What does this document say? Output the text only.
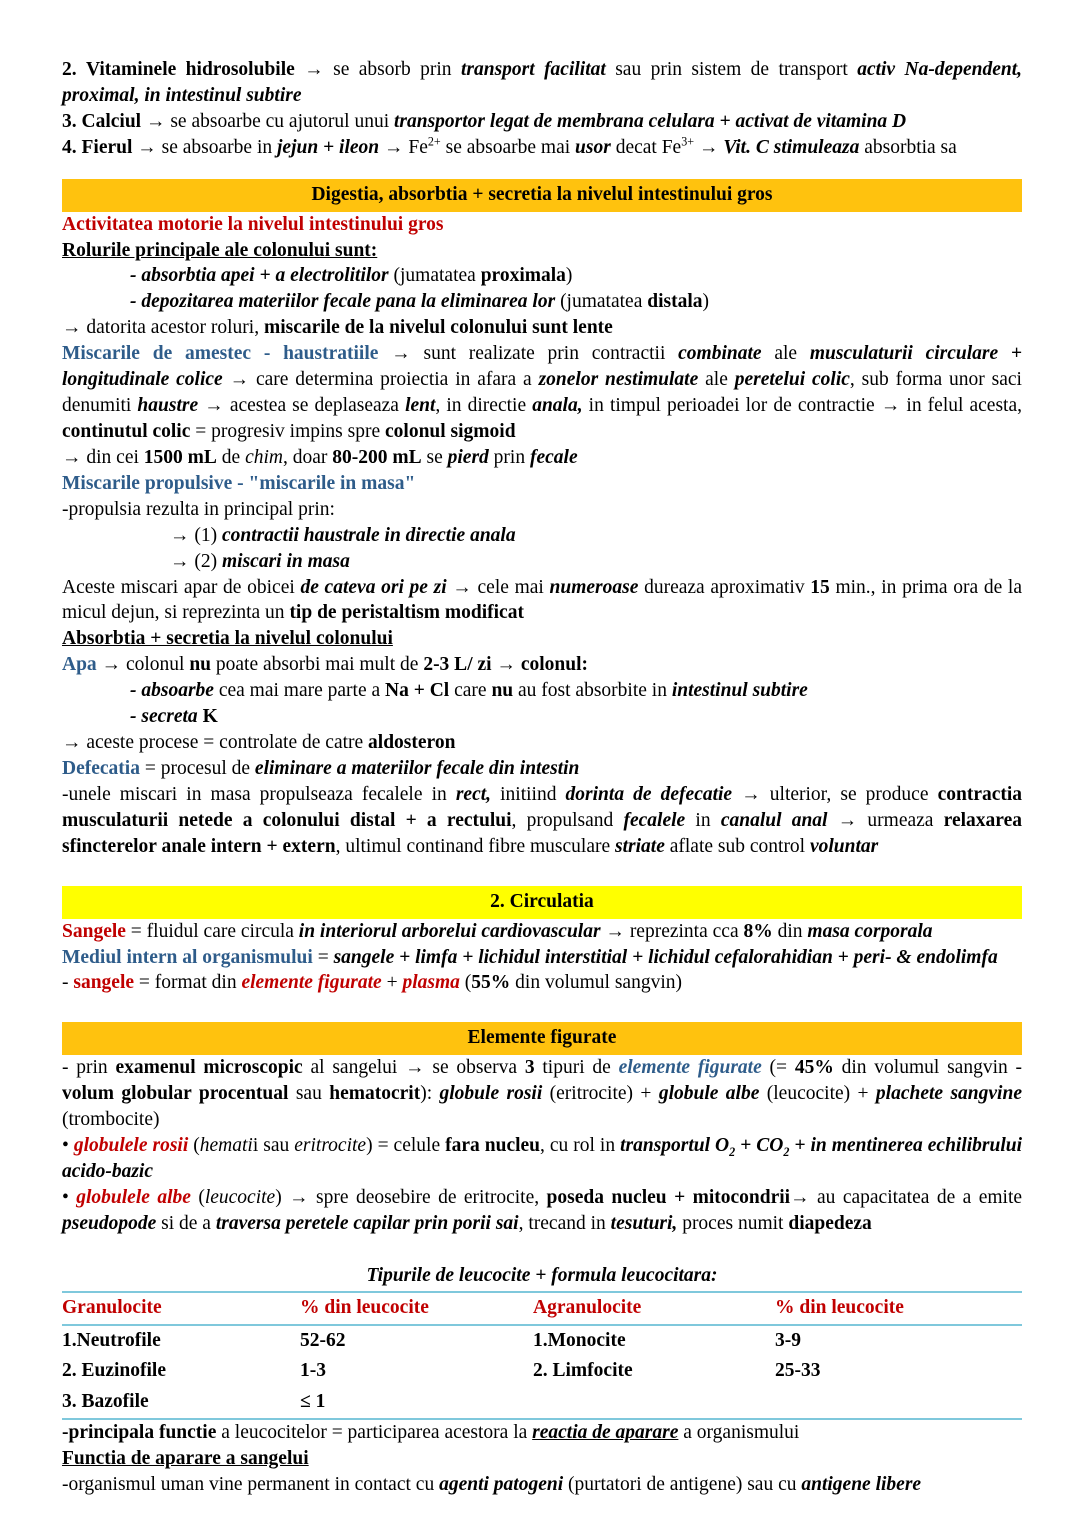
2. Vitaminele hidrosolubile → se absorb prin transport facilitat sau prin sistem de transport activ Na-dependent, proximal, in intestinul subtire

3. Calciul → se absoarbe cu ajutorul unui transportor legat de membrana celulara + activat de vitamina D

4. Fierul → se absoarbe in jejun + ileon → $Fe^{2+}$ se absoarbe mai usor decat $Fe^{3+}$ → Vit. C stimuleaza absorbtia sa

Digestia, absorbtia + secretia la nivelul intestinului gros

Activitatea motorie la nivelul intestinului gros

Rolurile principale ale colonului sunt:

- absorbtia apei + a electrolitilor (jumatatea proximala)

- depozitarea materiilor fecale pana la eliminarea lor (jumatatea distala)

→ datorita acestor roluri, miscarile de la nivelul colonului sunt lente

Miscarile de amestec - haustratiile → sunt realizate prin contractii combinate ale musculaturii circulare + longitudinale colice → care determina proiectia in afara a zonelor nestimulate ale peretelui colic, sub forma unor saci denumiti haustre → acestea se deplaseaza lent, in directie anala, in timpul perioadei lor de contractie → in felul acesta, continutul colic = progresiv impins spre colonul sigmoid

→ din cei 1500 mL de chim, doar 80-200 mL se pierd prin fecale

Miscarile propulsive - "miscarile in masa"

-propulsia rezulta in principal prin:

→ (1) contractii haustrale in directie anala

→ (2) miscari in masa

Aceste miscari apar de obicei de cateva ori pe zi → cele mai numeroase dureaza aproximativ 15 min., in prima ora de la micul dejun, si reprezinta un tip de peristaltism modificat

Absorbtia + secretia la nivelul colonului

Apa → colonul nu poate absorbi mai mult de 2-3 L/ zi → colonul:

- absoarbe cea mai mare parte a Na + Cl care nu au fost absorbite in intestinul subtire

- secreta K

→ aceste procese = controlate de catre aldosteron

Defecatia = procesul de eliminare a materiilor fecale din intestin

-unele miscari in masa propulseaza fecalele in rect, initiind dorinta de defecatie → ulterior, se produce contractia musculaturii netede a colonului distal + a rectului, propulsand fecalele in canalul anal → urmeaza relaxarea sfincterelor anale intern + extern, ultimul continand fibre musculare striate aflate sub control voluntar

2. Circulatia

Sangele = fluidul care circula in interiorul arborelui cardiovascular → reprezinta cca 8% din masa corporala

Mediul intern al organismului = sangele + limfa + lichidul interstitial + lichidul cefalorahidian + peri- & endolimfa

- sangele = format din elemente figurate + plasma (55% din volumul sangvin)

Elemente figurate

- prin examenul microscopic al sangelui → se observa 3 tipuri de elemente figurate (= 45% din volumul sangvin - volum globular procentual sau hematocrit): globule rosii (eritrocite) + globule albe (leucocite) + plachete sangvine (trombocite)

• globulele rosii (hematii sau eritrocite) = celule fara nucleu, cu rol in transportul $O_2 + CO_2$ + in mentinerea echilibrului acido-bazic

• globulele albe (leucocite) → spre deosebire de eritrocite, poseda nucleu + mitocondrii→ au capacitatea de a emite pseudopode si de a traversa peretele capilar prin porii sai, trecand in tesuturi, proces numit diapedeza

Tipurile de leucocite + formula leucocitara:
Granulocite	% din leucocite	Agranulocite	% din leucocite
1.Neutrofile	52-62	1.Monocite	3-9
2. Euzinofile	1-3	2. Limfocite	25-33
3. Bazofile	≤ 1		

-principala functie a leucocitelor = participarea acestora la reactia de aparare a organismului

Functia de aparare a sangelui

-organismul uman vine permanent in contact cu agenti patogeni (purtatori de antigene) sau cu antigene libere
